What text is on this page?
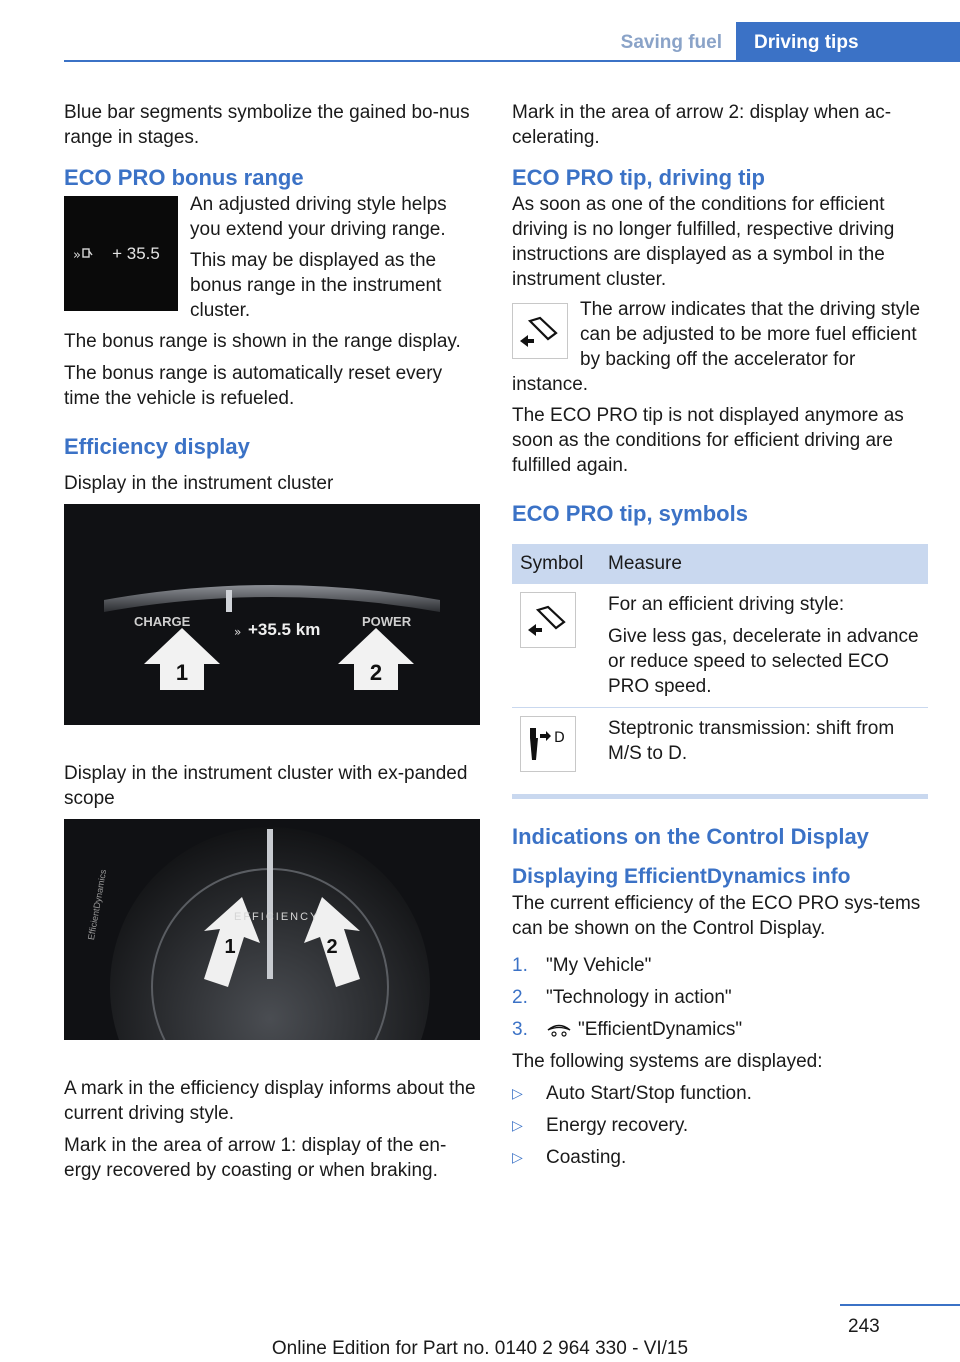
Saving fuel	Driving tips

Blue bar segments symbolize the gained bo-nus range in stages.

ECO PRO bonus range
» + 35.5

An adjusted driving style helps you extend your driving range.

This may be displayed as the bonus range in the instrument cluster.

The bonus range is shown in the range display.

The bonus range is automatically reset every time the vehicle is refueled.

Efficiency display

Display in the instrument cluster

1	2
»
CHARGE	POWER
+35.5 km

Display in the instrument cluster with ex-panded scope

1	2
EFFICIENCY
EfficientDynamics

A mark in the efficiency display informs about the current driving style.

Mark in the area of arrow 1: display of the en-ergy recovered by coasting or when braking.

Mark in the area of arrow 2: display when ac-celerating.

ECO PRO tip, driving tip

As soon as one of the conditions for efficient driving is no longer fulfilled, respective driving instructions are displayed as a symbol in the instrument cluster.

The arrow indicates that the driving style can be adjusted to be more fuel efficient by backing off the accelerator for instance.

The ECO PRO tip is not displayed anymore as soon as the conditions for efficient driving are fulfilled again.

ECO PRO tip, symbols
Symbol	Measure

For an efficient driving style:

Give less gas, decelerate in advance or reduce speed to selected ECO PRO speed.

D	Steptronic transmission: shift from M/S to D.

Indications on the Control Display
Displaying EfficientDynamics info

The current efficiency of the ECO PRO sys-tems can be shown on the Control Display.

1. "My Vehicle"
2. "Technology in action"
3.	"EfficientDynamics"

The following systems are displayed:

▷	Auto Start/Stop function.
▷	Energy recovery.
▷	Coasting.
243
Online Edition for Part no. 0140 2 964 330 - VI/15
